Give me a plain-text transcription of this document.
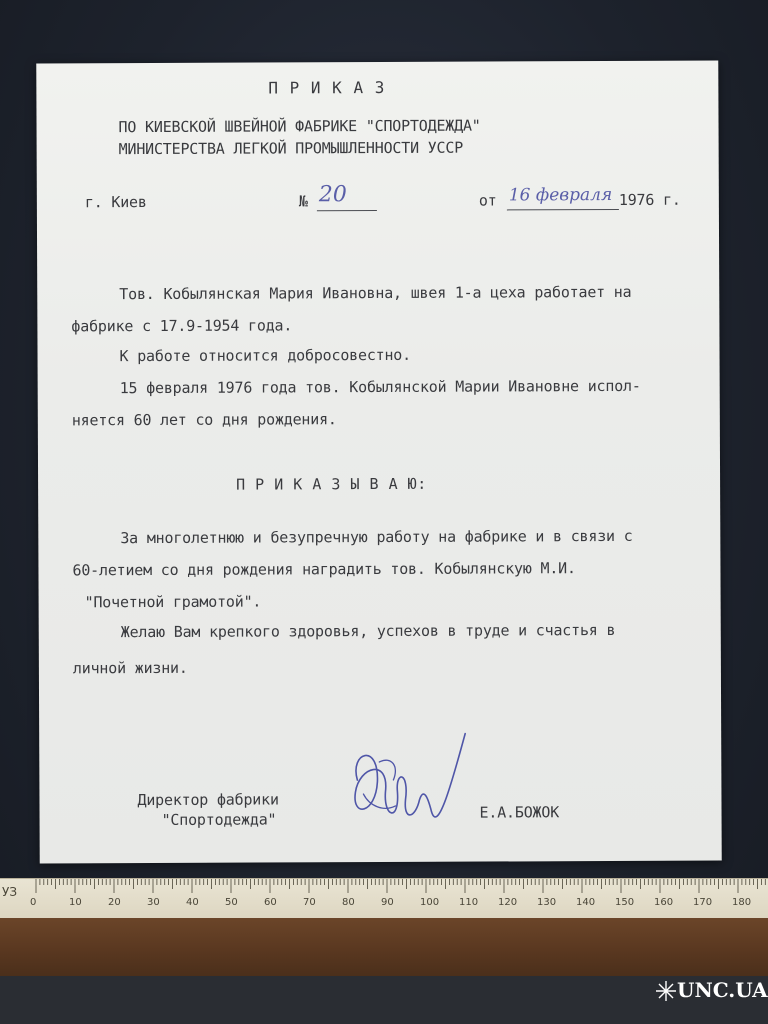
П Р И К А З
ПО КИЕВСКОЙ ШВЕЙНОЙ ФАБРИКЕ "СПОРТОДЕЖДА"
МИНИСТЕРСТВА ЛЕГКОЙ ПРОМЫШЛЕННОСТИ УССР
г. Киев	№ 20	от 16 февраля 1976 г.
Тов. Кобылянская Мария Ивановна, швея 1-а цеха работает на
фабрике с 17.9-1954 года.
К работе относится добросовестно.
15 февраля 1976 года тов. Кобылянской Марии Ивановне испол-
няется 60 лет со дня рождения.
П Р И К А З Ы В А Ю:
За многолетнюю и безупречную работу на фабрике и в связи с
60-летием со дня рождения наградить тов. Кобылянскую М.И.
"Почетной грамотой".
Желаю Вам крепкого здоровья, успехов в труде и счастья в
личной жизни.
Директор фабрики
"Спортодежда"	Е.А.БОЖОК
УЗ
0	10	20	30	40	50	60	70	80	90	100 110 120 130 140 150 160 170 180
UNC.UA
